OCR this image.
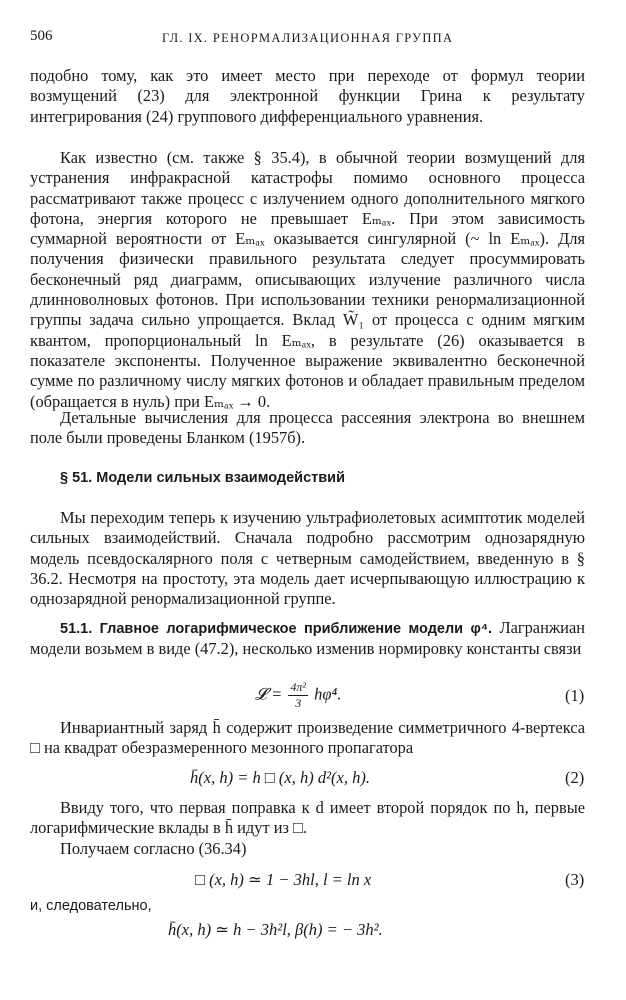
506	ГЛ. IX. РЕНОРМАЛИЗАЦИОННАЯ ГРУППА

подобно тому, как это имеет место при переходе от формул теории возмущений (23) для электронной функции Грина к результату интегрирования (24) группового дифференциального уравнения.

Как известно (см. также § 35.4), в обычной теории возмущений для устранения инфракрасной катастрофы помимо основного процесса рассматривают также процесс с излучением одного дополнительного мягкого фотона, энергия которого не превышает Eₘₐₓ. При этом зависимость суммарной вероятности от Eₘₐₓ оказывается сингулярной (~ ln Eₘₐₓ). Для получения физически правильного результата следует просуммировать бесконечный ряд диаграмм, описывающих излучение различного числа длинноволновых фотонов. При использовании техники ренормализационной группы задача сильно упрощается. Вклад W̃₁ от процесса с одним мягким квантом, пропорциональный ln Eₘₐₓ, в результате (26) оказывается в показателе экспоненты. Полученное выражение эквивалентно бесконечной сумме по различному числу мягких фотонов и обладает правильным пределом (обращается в нуль) при Eₘₐₓ → 0.

Детальные вычисления для процесса рассеяния электрона во внешнем поле были проведены Бланком (1957б).

§ 51. Модели сильных взаимодействий

Мы переходим теперь к изучению ультрафиолетовых асимптотик моделей сильных взаимодействий. Сначала подробно рассмотрим однозарядную модель псевдоскалярного поля с четверным самодействием, введенную в § 36.2. Несмотря на простоту, эта модель дает исчерпывающую иллюстрацию к однозарядной ренормализационной группе.

51.1. Главное логарифмическое приближение модели φ⁴. Лагранжиан модели возьмем в виде (47.2), несколько изменив нормировку константы связи

𝓛 = $\frac{\text{4π²}}{3} h\varphi^4$.	(1)

Инвариантный заряд h̄ содержит произведение симметричного 4-вертекса □ на квадрат обезразмеренного мезонного пропагатора

h̄(x, h) = h □ (x, h) d²(x, h).	(2)

Ввиду того, что первая поправка к d имеет второй порядок по h, первые логарифмические вклады в h̄ идут из □.

Получаем согласно (36.34)

□ (x, h) ≃ 1 − 3hl, l = ln x	(3)
и, следовательно,
h̄(x, h) ≃ h − 3h²l, β(h) = − 3h².
